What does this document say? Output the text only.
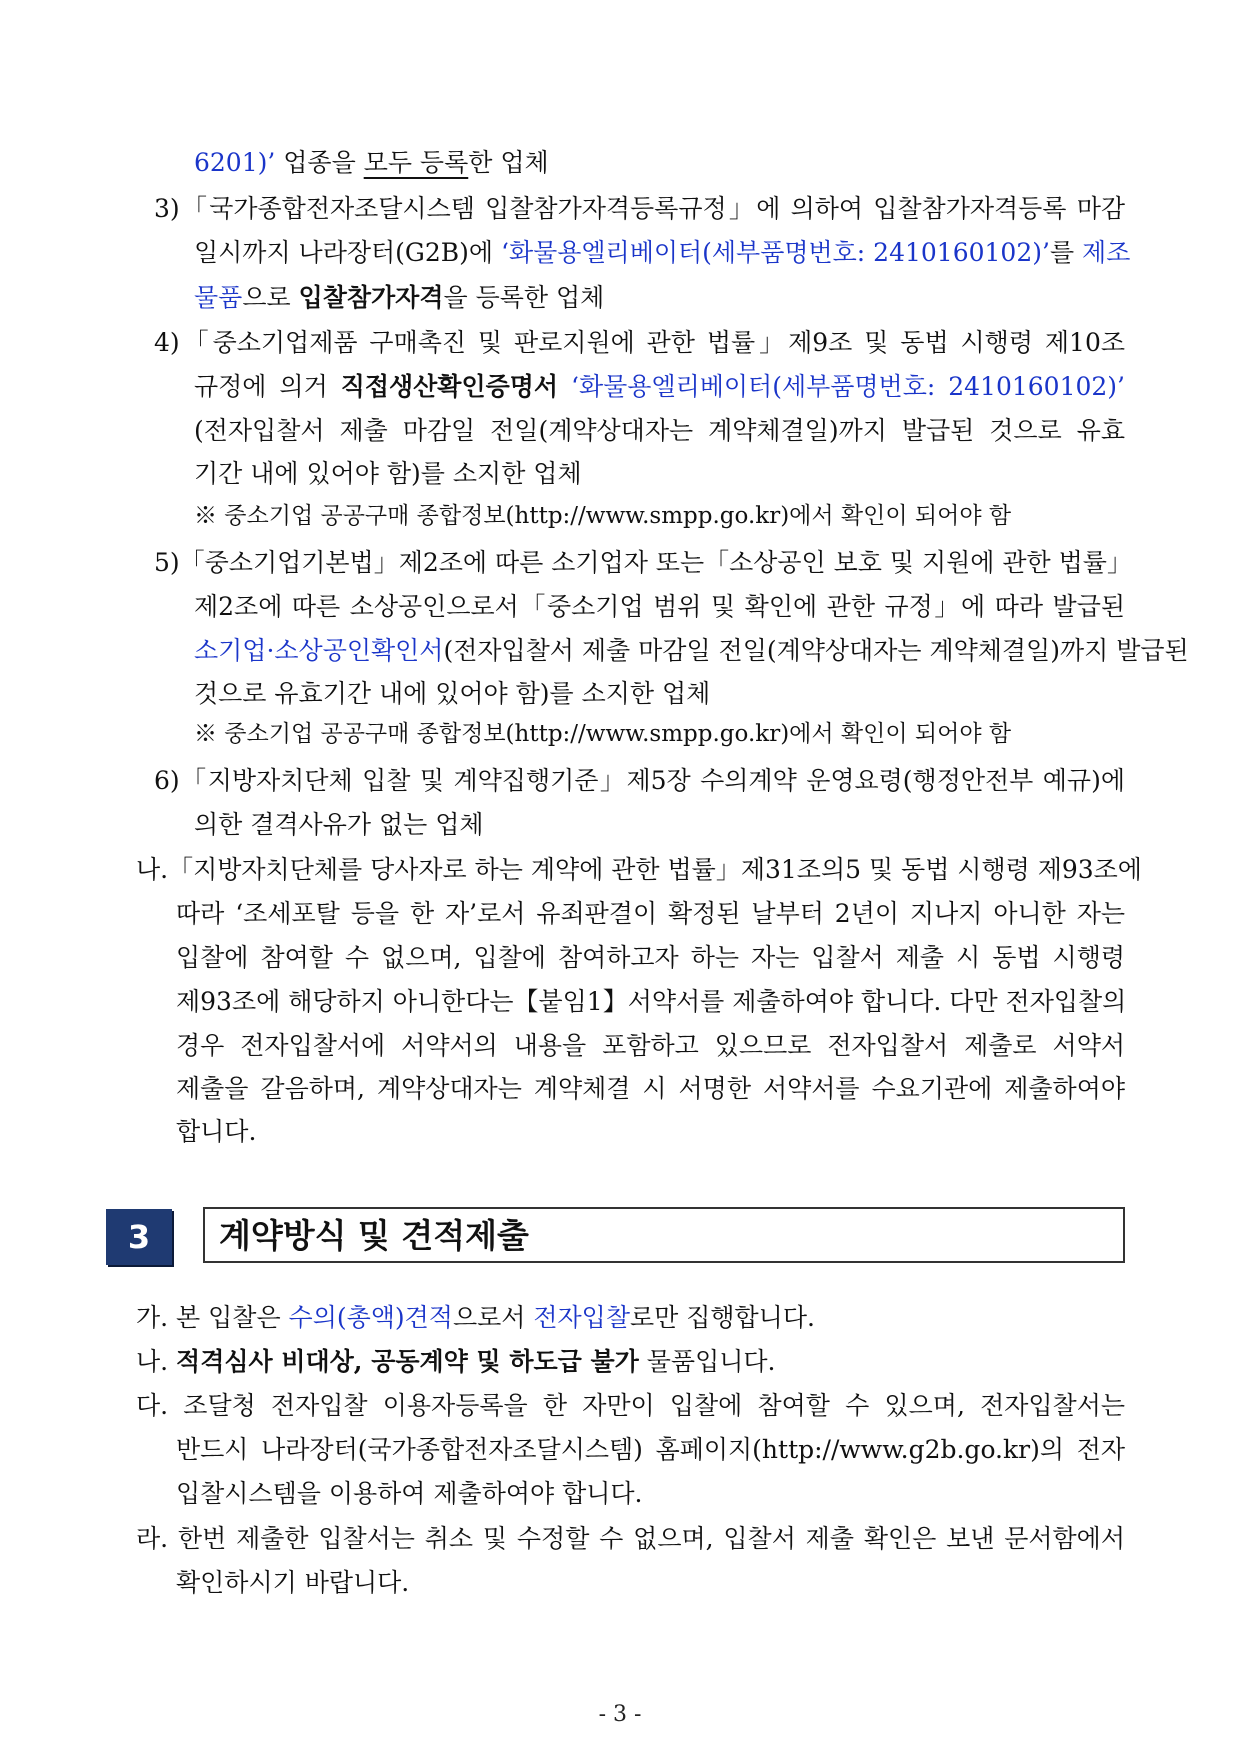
6201)’ 업종을 모두 등록한 업체
3)「국가종합전자조달시스템 입찰참가자격등록규정」에 의하여 입찰참가자격등록 마감
일시까지 나라장터(G2B)에 ‘화물용엘리베이터(세부품명번호: 2410160102)’를 제조
물품으로 입찰참가자격을 등록한 업체
4)「중소기업제품 구매촉진 및 판로지원에 관한 법률」제9조 및 동법 시행령 제10조
규정에 의거 직접생산확인증명서 ‘화물용엘리베이터(세부품명번호: 2410160102)’
(전자입찰서 제출 마감일 전일(계약상대자는 계약체결일)까지 발급된 것으로 유효
기간 내에 있어야 함)를 소지한 업체
※ 중소기업 공공구매 종합정보(http://www.smpp.go.kr)에서 확인이 되어야 함
5)「중소기업기본법」제2조에 따른 소기업자 또는「소상공인 보호 및 지원에 관한 법률」
제2조에 따른 소상공인으로서「중소기업 범위 및 확인에 관한 규정」에 따라 발급된
소기업·소상공인확인서(전자입찰서 제출 마감일 전일(계약상대자는 계약체결일)까지 발급된
것으로 유효기간 내에 있어야 함)를 소지한 업체
※ 중소기업 공공구매 종합정보(http://www.smpp.go.kr)에서 확인이 되어야 함
6)「지방자치단체 입찰 및 계약집행기준」제5장 수의계약 운영요령(행정안전부 예규)에
의한 결격사유가 없는 업체
나.「지방자치단체를 당사자로 하는 계약에 관한 법률」제31조의5 및 동법 시행령 제93조에
따라 ‘조세포탈 등을 한 자’로서 유죄판결이 확정된 날부터 2년이 지나지 아니한 자는
입찰에 참여할 수 없으며, 입찰에 참여하고자 하는 자는 입찰서 제출 시 동법 시행령
제93조에 해당하지 아니한다는【붙임1】서약서를 제출하여야 합니다. 다만 전자입찰의
경우 전자입찰서에 서약서의 내용을 포함하고 있으므로 전자입찰서 제출로 서약서
제출을 갈음하며, 계약상대자는 계약체결 시 서명한 서약서를 수요기관에 제출하여야
합니다.
3	계약방식 및 견적제출
가. 본 입찰은 수의(총액)견적으로서 전자입찰로만 집행합니다.
나. 적격심사 비대상, 공동계약 및 하도급 불가 물품입니다.
다. 조달청 전자입찰 이용자등록을 한 자만이 입찰에 참여할 수 있으며, 전자입찰서는
반드시 나라장터(국가종합전자조달시스템) 홈페이지(http://www.g2b.go.kr)의 전자
입찰시스템을 이용하여 제출하여야 합니다.
라. 한번 제출한 입찰서는 취소 및 수정할 수 없으며, 입찰서 제출 확인은 보낸 문서함에서
확인하시기 바랍니다.
- 3 -
